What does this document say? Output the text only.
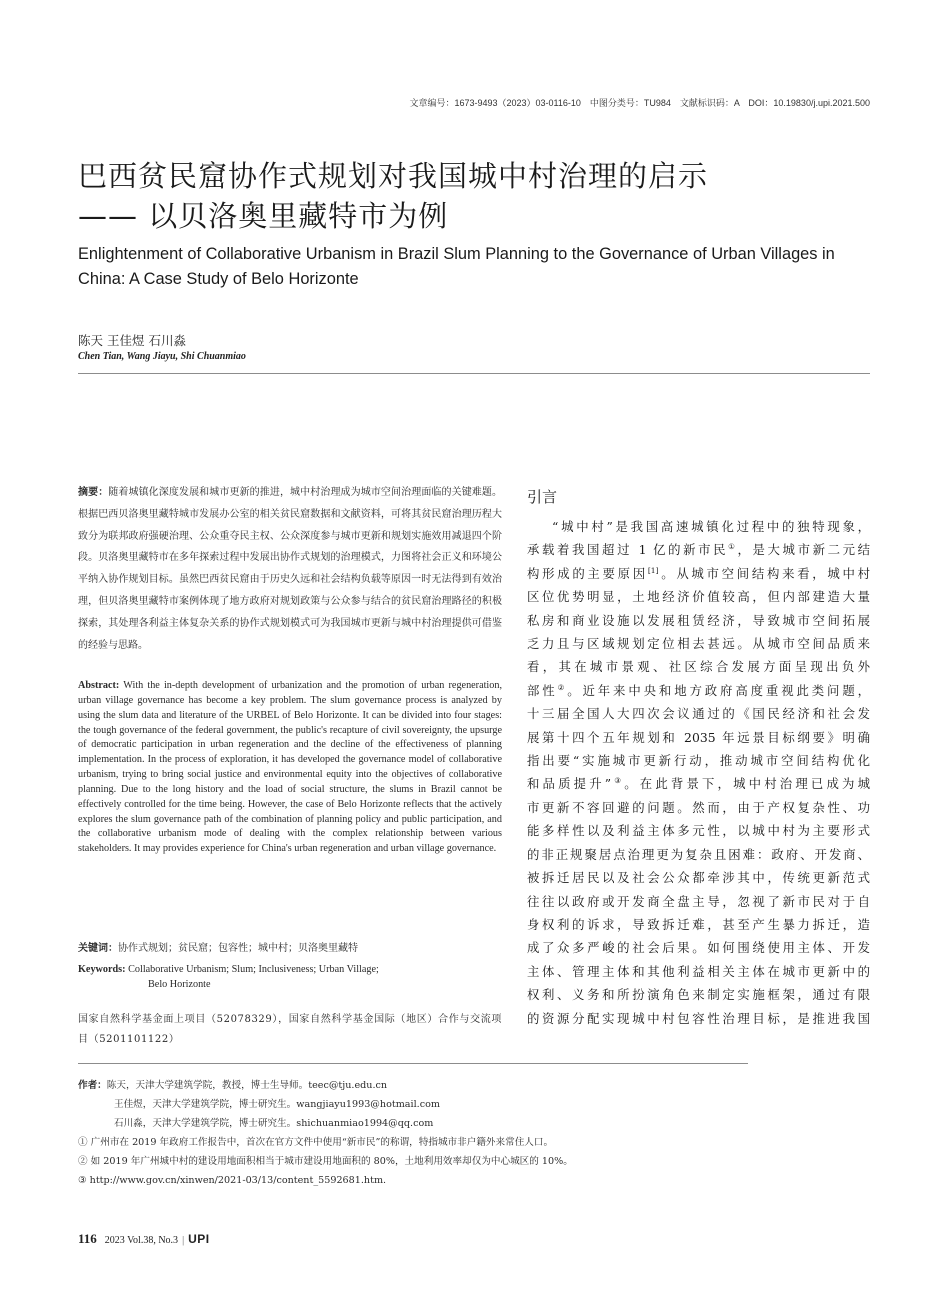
文章编号：1673-9493（2023）03-0116-10　中图分类号：TU984　文献标识码：A　DOI：10.19830/j.upi.2021.500
巴西贫民窟协作式规划对我国城中村治理的启示
—— 以贝洛奥里藏特市为例
Enlightenment of Collaborative Urbanism in Brazil Slum Planning to the Governance of Urban Villages in China: A Case Study of Belo Horizonte
陈天 王佳煜 石川淼
Chen Tian, Wang Jiayu, Shi Chuanmiao
摘要：随着城镇化深度发展和城市更新的推进，城中村治理成为城市空间治理面临的关键难题。根据巴西贝洛奥里藏特城市发展办公室的相关贫民窟数据和文献资料，可将其贫民窟治理历程大致分为联邦政府强硬治理、公众重夺民主权、公众深度参与城市更新和规划实施效用减退四个阶段。贝洛奥里藏特市在多年探索过程中发展出协作式规划的治理模式，力图将社会正义和环境公平纳入协作规划目标。虽然巴西贫民窟由于历史久远和社会结构负载等原因一时无法得到有效治理，但贝洛奥里藏特市案例体现了地方政府对规划政策与公众参与结合的贫民窟治理路径的积极探索，其处理各利益主体复杂关系的协作式规划模式可为我国城市更新与城中村治理提供可借鉴的经验与思路。
Abstract: With the in-depth development of urbanization and the promotion of urban regeneration, urban village governance has become a key problem. The slum governance process is analyzed by using the slum data and literature of the URBEL of Belo Horizonte. It can be divided into four stages: the tough governance of the federal government, the public's recapture of civil sovereignty, the upsurge of democratic participation in urban regeneration and the decline of the effectiveness of planning implementation. In the process of exploration, it has developed the governance model of collaborative urbanism, trying to bring social justice and environmental equity into the objectives of collaborative planning. Due to the long history and the load of social structure, the slums in Brazil cannot be effectively controlled for the time being. However, the case of Belo Horizonte reflects that the actively explores the slum governance path of the combination of planning policy and public participation, and the collaborative urbanism mode of dealing with the complex relationship between various stakeholders. It may provides experience for China's urban regeneration and urban village governance.
关键词：协作式规划；贫民窟；包容性；城中村；贝洛奥里藏特
Keywords: Collaborative Urbanism; Slum; Inclusiveness; Urban Village;
Belo Horizonte
国家自然科学基金面上项目（52078329），国家自然科学基金国际（地区）合作与交流项目（5201101122）
引言
“城中村”是我国高速城镇化过程中的独特现象，
承载着我国超过 1 亿的新市民①，是大城市新二元结
构形成的主要原因[1]。从城市空间结构来看，城中村
区位优势明显，土地经济价值较高，但内部建造大量
私房和商业设施以发展租赁经济，导致城市空间拓展
乏力且与区域规划定位相去甚远。从城市空间品质来
看，其在城市景观、社区综合发展方面呈现出负外
部性②。近年来中央和地方政府高度重视此类问题，
十三届全国人大四次会议通过的《国民经济和社会发
展第十四个五年规划和 2035 年远景目标纲要》明确
指出要“实施城市更新行动，推动城市空间结构优化
和品质提升”③。在此背景下，城中村治理已成为城
市更新不容回避的问题。然而，由于产权复杂性、功
能多样性以及利益主体多元性，以城中村为主要形式
的非正规聚居点治理更为复杂且困难：政府、开发商、
被拆迁居民以及社会公众都牵涉其中，传统更新范式
往往以政府或开发商全盘主导，忽视了新市民对于自
身权利的诉求，导致拆迁难，甚至产生暴力拆迁，造
成了众多严峻的社会后果。如何围绕使用主体、开发
主体、管理主体和其他利益相关主体在城市更新中的
权利、义务和所扮演角色来制定实施框架，通过有限
的资源分配实现城中村包容性治理目标，是推进我国
作者：陈天，天津大学建筑学院，教授，博士生导师。teec@tju.edu.cn
王佳煜，天津大学建筑学院，博士研究生。wangjiayu1993@hotmail.com
石川淼，天津大学建筑学院，博士研究生。shichuanmiao1994@qq.com
① 广州市在 2019 年政府工作报告中，首次在官方文件中使用“新市民”的称谓，特指城市非户籍外来常住人口。
② 如 2019 年广州城中村的建设用地面积相当于城市建设用地面积的 80%，土地利用效率却仅为中心城区的 10%。
③ http://www.gov.cn/xinwen/2021-03/13/content_5592681.htm.
116 2023 Vol.38, No.3 | UPI
